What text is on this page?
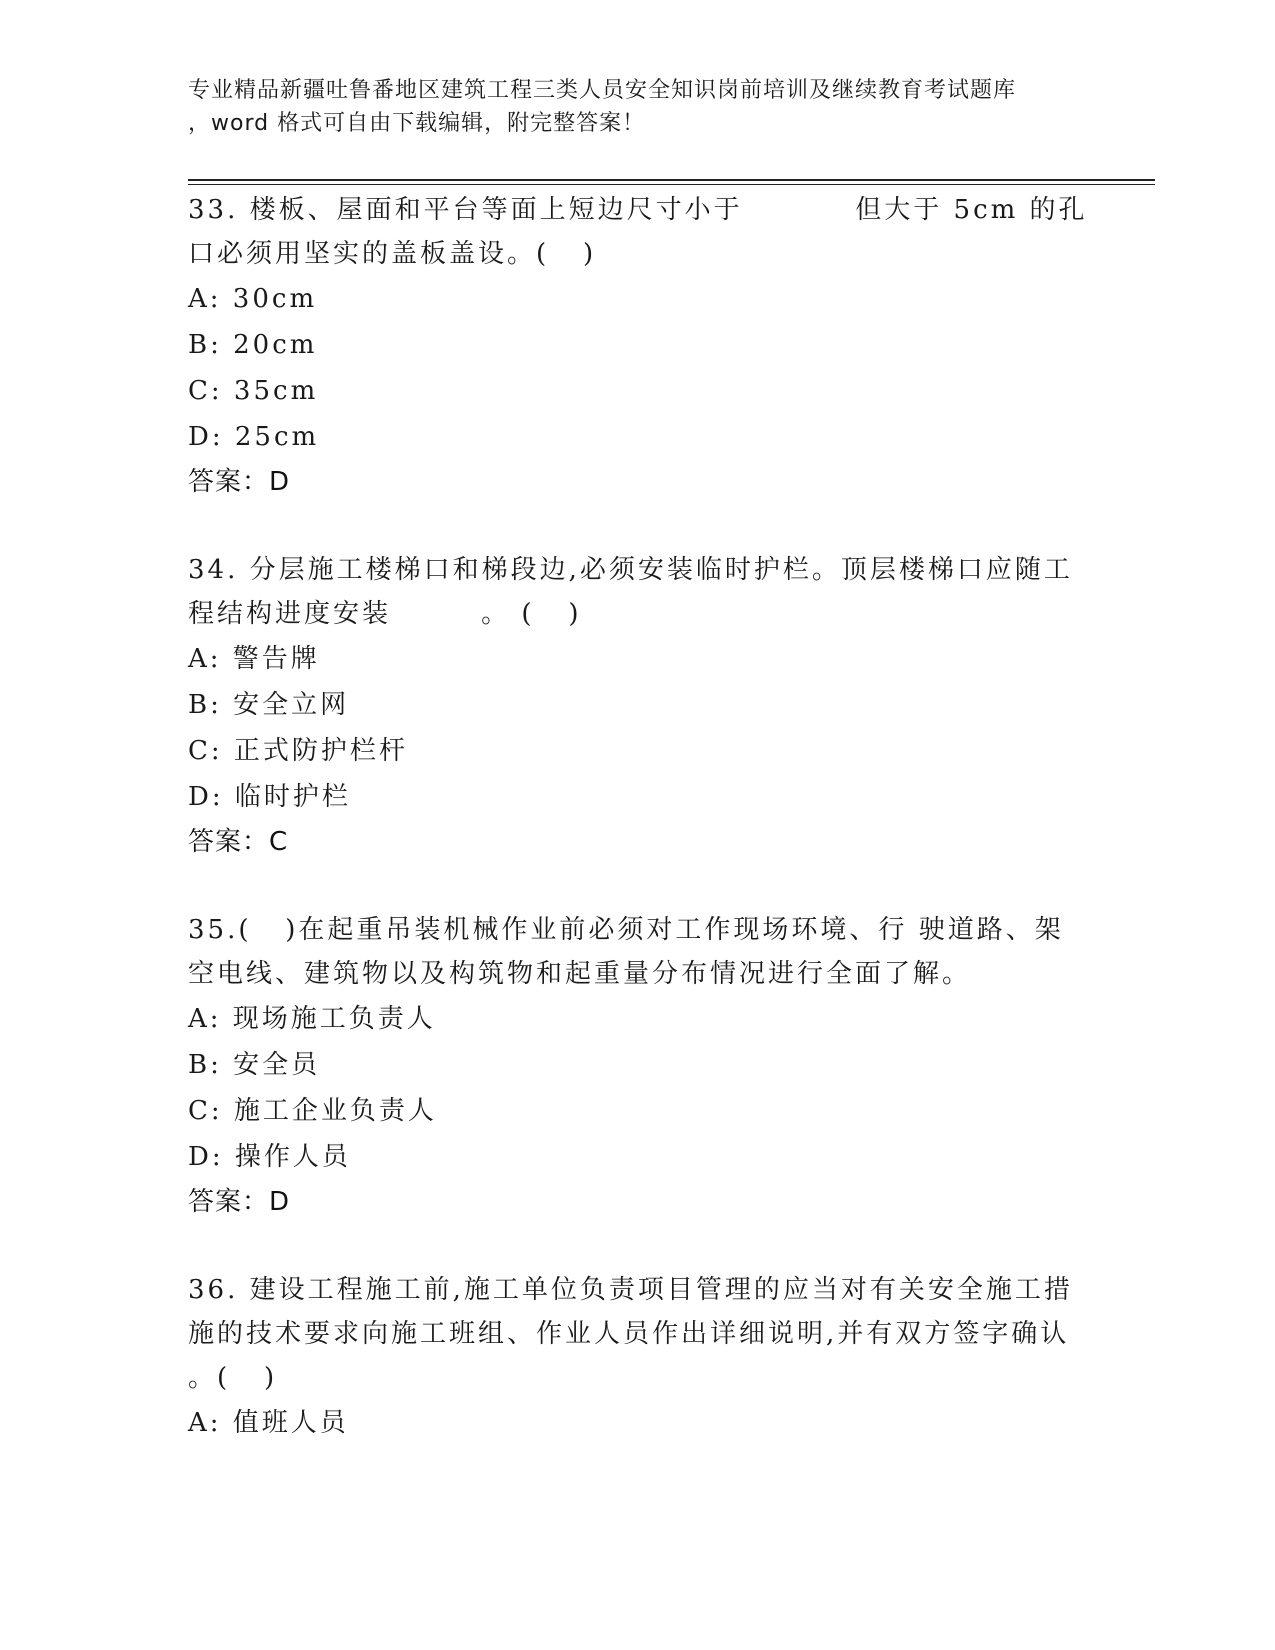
专业精品新疆吐鲁番地区建筑工程三类人员安全知识岗前培训及继续教育考试题库
，word 格式可自由下载编辑，附完整答案！

33. 楼板、屋面和平台等面上短边尺寸小于          但大于 5cm 的孔

口必须用坚实的盖板盖设。(   )

A: 30cm

B: 20cm

C: 35cm

D: 25cm

答案：D

34. 分层施工楼梯口和梯段边,必须安装临时护栏。顶层楼梯口应随工

程结构进度安装        。 (   )

A: 警告牌

B: 安全立网

C: 正式防护栏杆

D: 临时护栏

答案：C

35.(   )在起重吊装机械作业前必须对工作现场环境、行 驶道路、架

空电线、建筑物以及构筑物和起重量分布情况进行全面了解。

A: 现场施工负责人

B: 安全员

C: 施工企业负责人

D: 操作人员

答案：D

36. 建设工程施工前,施工单位负责项目管理的应当对有关安全施工措

施的技术要求向施工班组、作业人员作出详细说明,并有双方签字确认

。(   )

A: 值班人员
